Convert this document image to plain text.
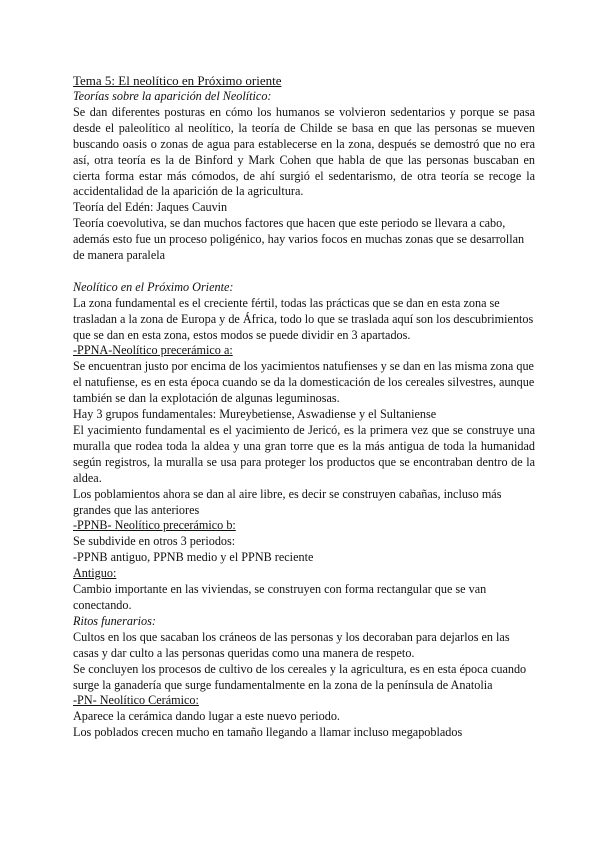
Tema 5: El neolítico en Próximo oriente

Teorías sobre la aparición del Neolítico:

Se dan diferentes posturas en cómo los humanos se volvieron sedentarios y porque se pasa desde el paleolítico al neolítico, la teoría de Childe se basa en que las personas se mueven buscando oasis o zonas de agua para establecerse en la zona, después se demostró que no era así, otra teoría es la de Binford y Mark Cohen que habla de que las personas buscaban en cierta forma estar más cómodos, de ahí surgió el sedentarismo, de otra teoría se recoge la accidentalidad de la aparición de la agricultura.

Teoría del Edén: Jaques Cauvin

Teoría coevolutiva, se dan muchos factores que hacen que este periodo se llevara a cabo, además esto fue un proceso poligénico, hay varios focos en muchas zonas que se desarrollan de manera paralela

Neolítico en el Próximo Oriente:

La zona fundamental es el creciente fértil, todas las prácticas que se dan en esta zona se trasladan a la zona de Europa y de África, todo lo que se traslada aquí son los descubrimientos que se dan en esta zona, estos modos se puede dividir en 3 apartados.

-PPNA-Neolítico precerámico a:

Se encuentran justo por encima de los yacimientos natufienses y se dan en las misma zona que el natufiense, es en esta época cuando se da la domesticación de los cereales silvestres, aunque también se dan la explotación de algunas leguminosas.

Hay 3 grupos fundamentales: Mureybetiense, Aswadiense y el Sultaniense

El yacimiento fundamental es el yacimiento de Jericó, es la primera vez que se construye una muralla que rodea toda la aldea y una gran torre que es la más antigua de toda la humanidad según registros, la muralla se usa para proteger los productos que se encontraban dentro de la aldea.

Los poblamientos ahora se dan al aire libre, es decir se construyen cabañas, incluso más grandes que las anteriores

-PPNB- Neolítico precerámico b:

Se subdivide en otros 3 periodos:

-PPNB antiguo, PPNB medio y el PPNB reciente

Antiguo:

Cambio importante en las viviendas, se construyen con forma rectangular que se van conectando.

Ritos funerarios:

Cultos en los que sacaban los cráneos de las personas y los decoraban para dejarlos en las casas y dar culto a las personas queridas como una manera de respeto.

Se concluyen los procesos de cultivo de los cereales y la agricultura, es en esta época cuando surge la ganadería que surge fundamentalmente en la zona de la península de Anatolia

-PN- Neolítico Cerámico:

Aparece la cerámica dando lugar a este nuevo periodo.

Los poblados crecen mucho en tamaño llegando a llamar incluso megapoblados
